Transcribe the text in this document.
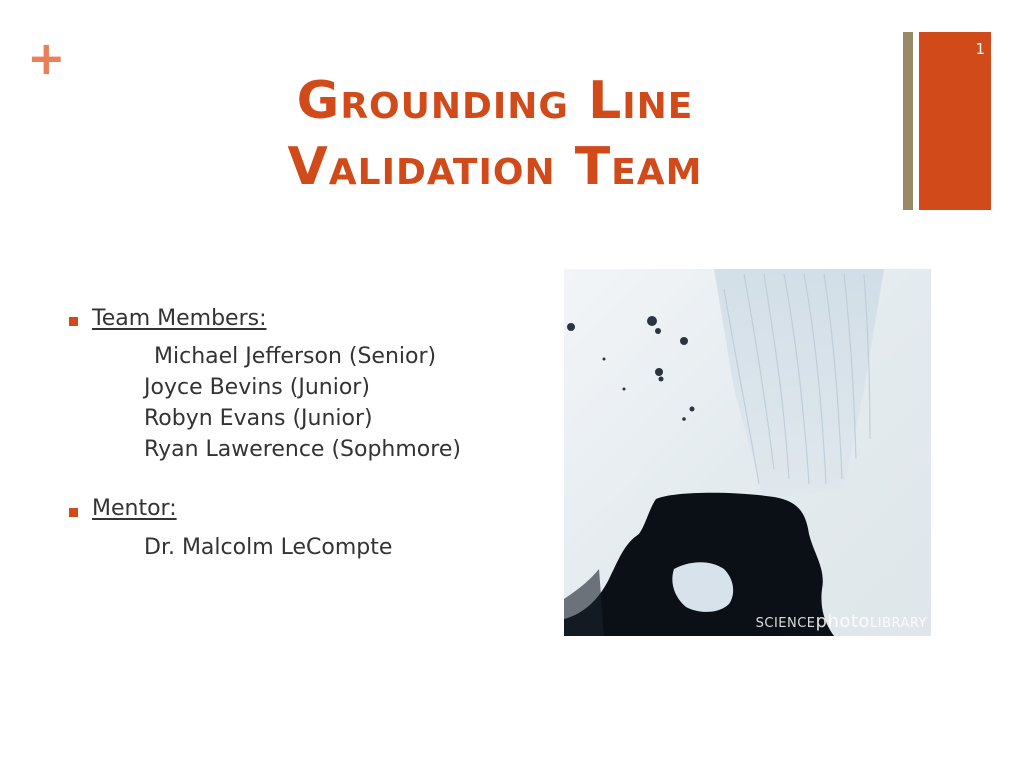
+
Grounding Line
Validation Team
1
Team Members:
Michael Jefferson (Senior)
Joyce Bevins (Junior)
Robyn Evans (Junior)
Ryan Lawerence (Sophmore)
Mentor:
Dr. Malcolm LeCompte
SCIENCEphotoLIBRARY
